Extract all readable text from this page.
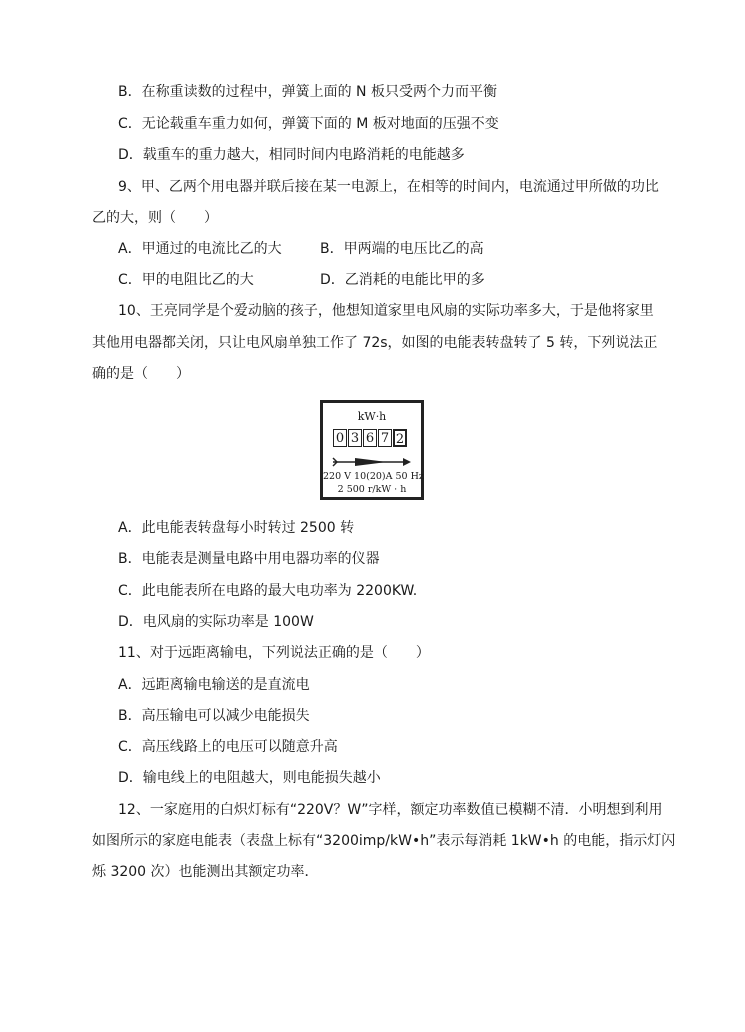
B．在称重读数的过程中，弹簧上面的 N 板只受两个力而平衡
C．无论载重车重力如何，弹簧下面的 M 板对地面的压强不变
D．载重车的重力越大，相同时间内电路消耗的电能越多
9、甲、乙两个用电器并联后接在某一电源上，在相等的时间内，电流通过甲所做的功比
乙的大，则（　　）
A．甲通过的电流比乙的大	B．甲两端的电压比乙的高
C．甲的电阻比乙的大	D．乙消耗的电能比甲的多
10、王亮同学是个爱动脑的孩子，他想知道家里电风扇的实际功率多大，于是他将家里
其他用电器都关闭，只让电风扇单独工作了 72s，如图的电能表转盘转了 5 转，下列说法正
确的是（　　）
kW·h
0 3 6 7 2
220 V 10(20)A 50 Hz
2 500 r/kW · h
A．此电能表转盘每小时转过 2500 转
B．电能表是测量电路中用电器功率的仪器
C．此电能表所在电路的最大电功率为 2200KW.
D．电风扇的实际功率是 100W
11、对于远距离输电，下列说法正确的是（　　）
A．远距离输电输送的是直流电
B．高压输电可以减少电能损失
C．高压线路上的电压可以随意升高
D．输电线上的电阻越大，则电能损失越小
12、一家庭用的白炽灯标有“220V？W”字样，额定功率数值已模糊不清．小明想到利用
如图所示的家庭电能表（表盘上标有“3200imp/kW•h”表示每消耗 1kW•h 的电能，指示灯闪
烁 3200 次）也能测出其额定功率．
